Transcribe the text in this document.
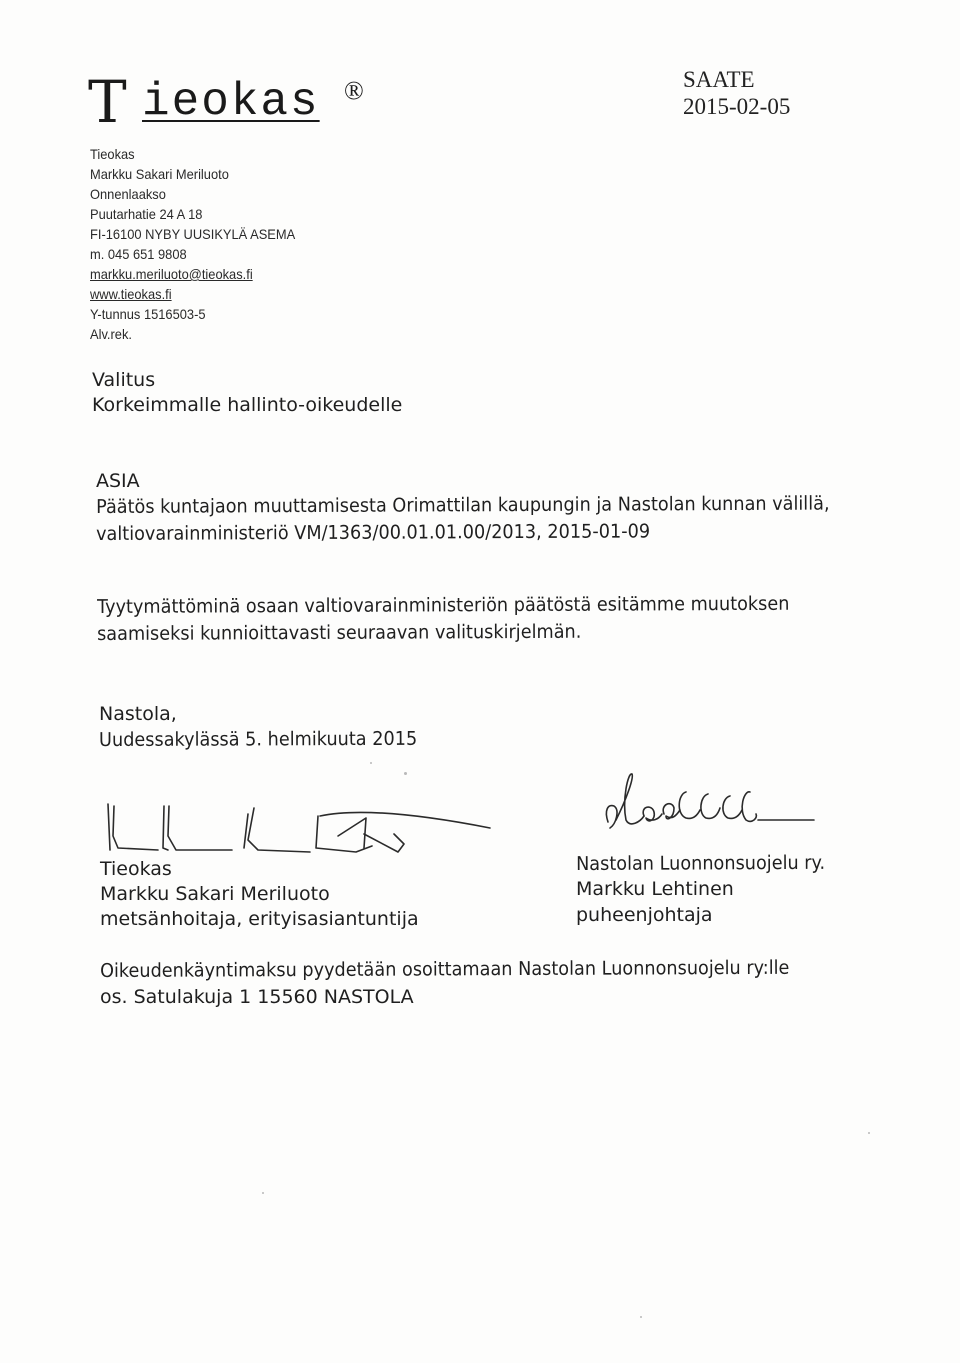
T ieokas ®	SAATE
2015-02-05
Tieokas
Markku Sakari Meriluoto
Onnenlaakso
Puutarhatie 24 A 18
FI-16100 NYBY UUSIKYLÄ ASEMA
m. 045 651 9808
markku.meriluoto@tieokas.fi
www.tieokas.fi
Y-tunnus 1516503-5
Alv.rek.
Valitus
Korkeimmalle hallinto-oikeudelle
ASIA
Päätös kuntajaon muuttamisesta Orimattilan kaupungin ja Nastolan kunnan välillä,
valtiovarainministeriö VM/1363/00.01.01.00/2013, 2015-01-09
Tyytymättöminä osaan valtiovarainministeriön päätöstä esitämme muutoksen
saamiseksi kunnioittavasti seuraavan valituskirjelmän.
Nastola,
Uudessakylässä 5. helmikuuta 2015
Tieokas
Markku Sakari Meriluoto
metsänhoitaja, erityisasiantuntija
Nastolan Luonnonsuojelu ry.
Markku Lehtinen
puheenjohtaja
Oikeudenkäyntimaksu pyydetään osoittamaan Nastolan Luonnonsuojelu ry:lle
os. Satulakuja 1 15560 NASTOLA
